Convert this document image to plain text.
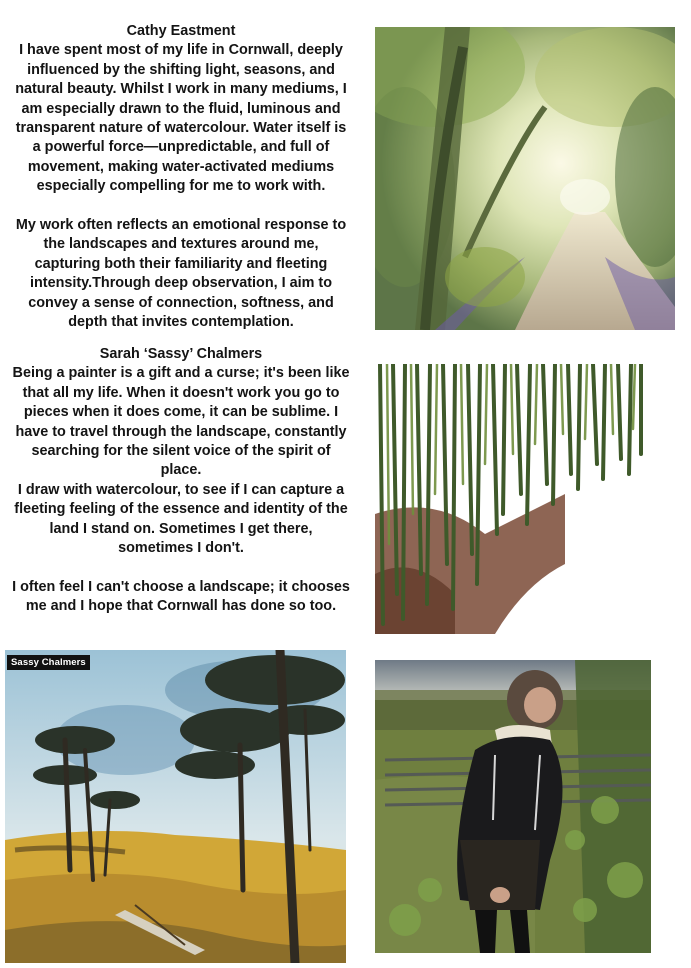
Cathy Eastment

I have spent most of my life in Cornwall, deeply influenced by the shifting light, seasons, and natural beauty. Whilst I work in many mediums, I am especially drawn to the fluid, luminous and transparent nature of watercolour. Water itself is a powerful force—unpredictable, and full of movement, making water-activated mediums especially compelling for me to work with.

My work often reflects an emotional response to the landscapes and textures around me, capturing both their familiarity and fleeting intensity.Through deep observation, I aim to convey a sense of connection, softness, and depth that invites contemplation.

Sarah ‘Sassy’ Chalmers

Being a painter is a gift and a curse; it's been like that all my life. When it doesn't work you go to pieces when it does come, it can be sublime. I have to travel through the landscape, constantly searching for the silent voice of the spirit of place.

I draw with watercolour, to see if I can capture a fleeting feeling of the essence and identity of the land I stand on. Sometimes I get there, sometimes I don't.

I often feel I can't choose a landscape; it chooses me and I hope that Cornwall has done so too.

Sassy Chalmers
